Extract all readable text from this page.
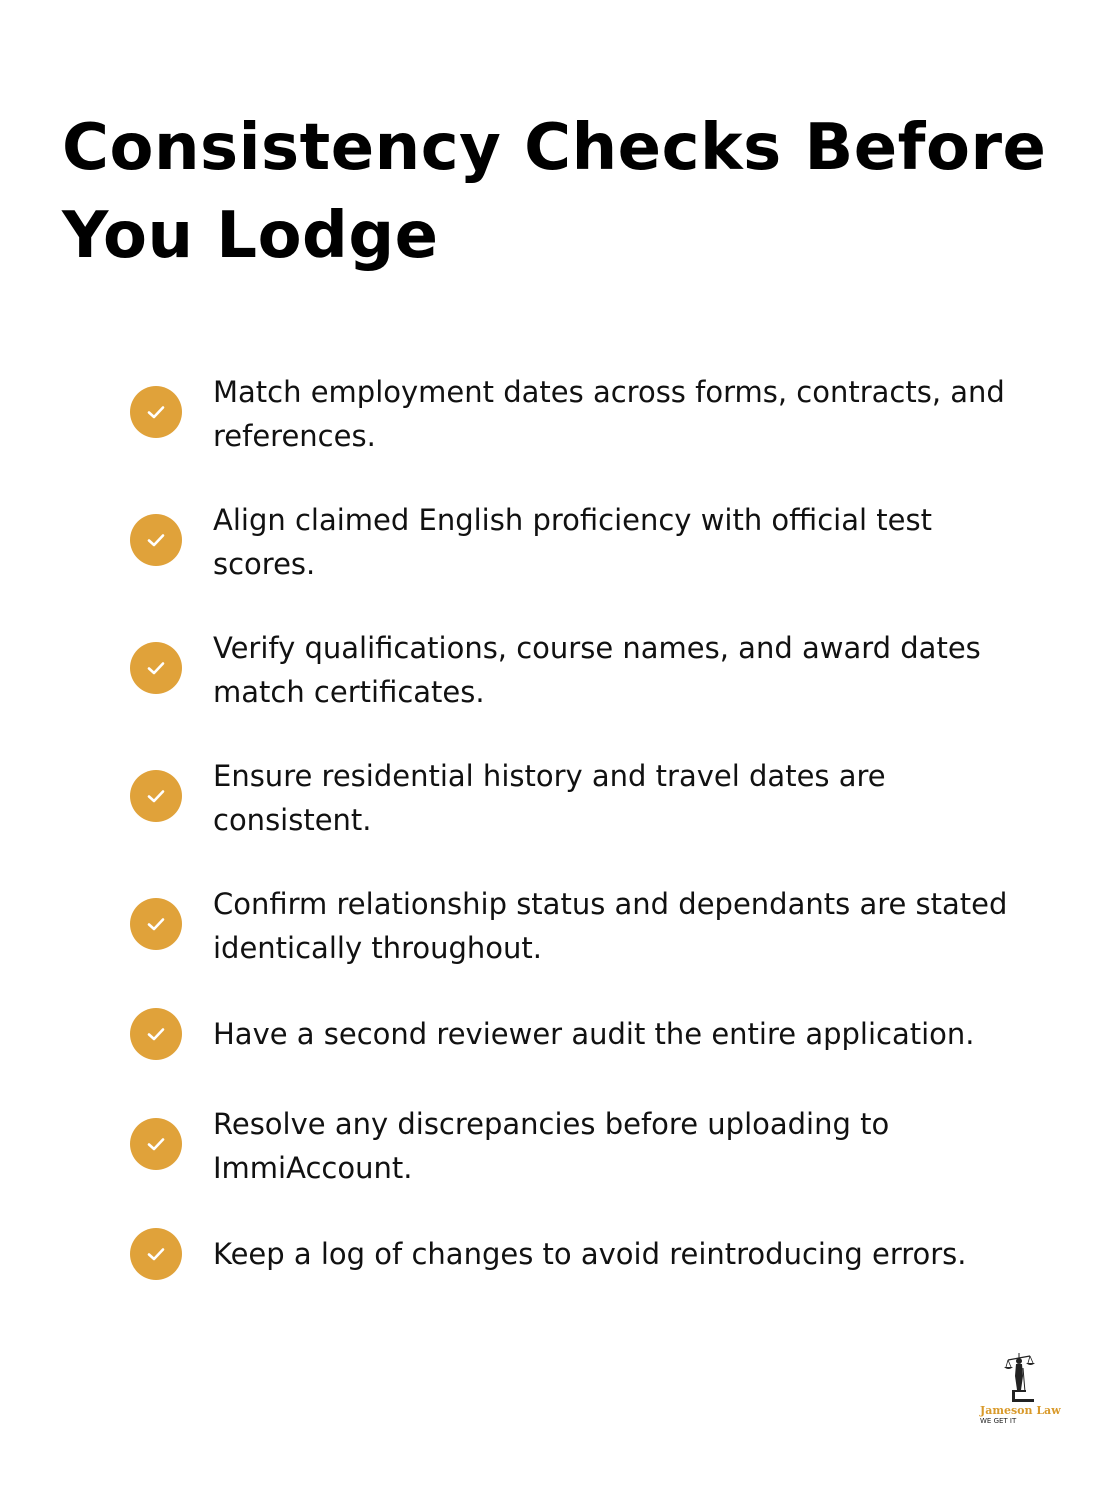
Consistency Checks Before You Lodge

Match employment dates across forms, contracts, and references.

Align claimed English proficiency with official test scores.

Verify qualifications, course names, and award dates match certificates.

Ensure residential history and travel dates are consistent.

Confirm relationship status and dependants are stated identically throughout.

Have a second reviewer audit the entire application.

Resolve any discrepancies before uploading to ImmiAccount.

Keep a log of changes to avoid reintroducing errors.

Jameson Law
WE GET IT
